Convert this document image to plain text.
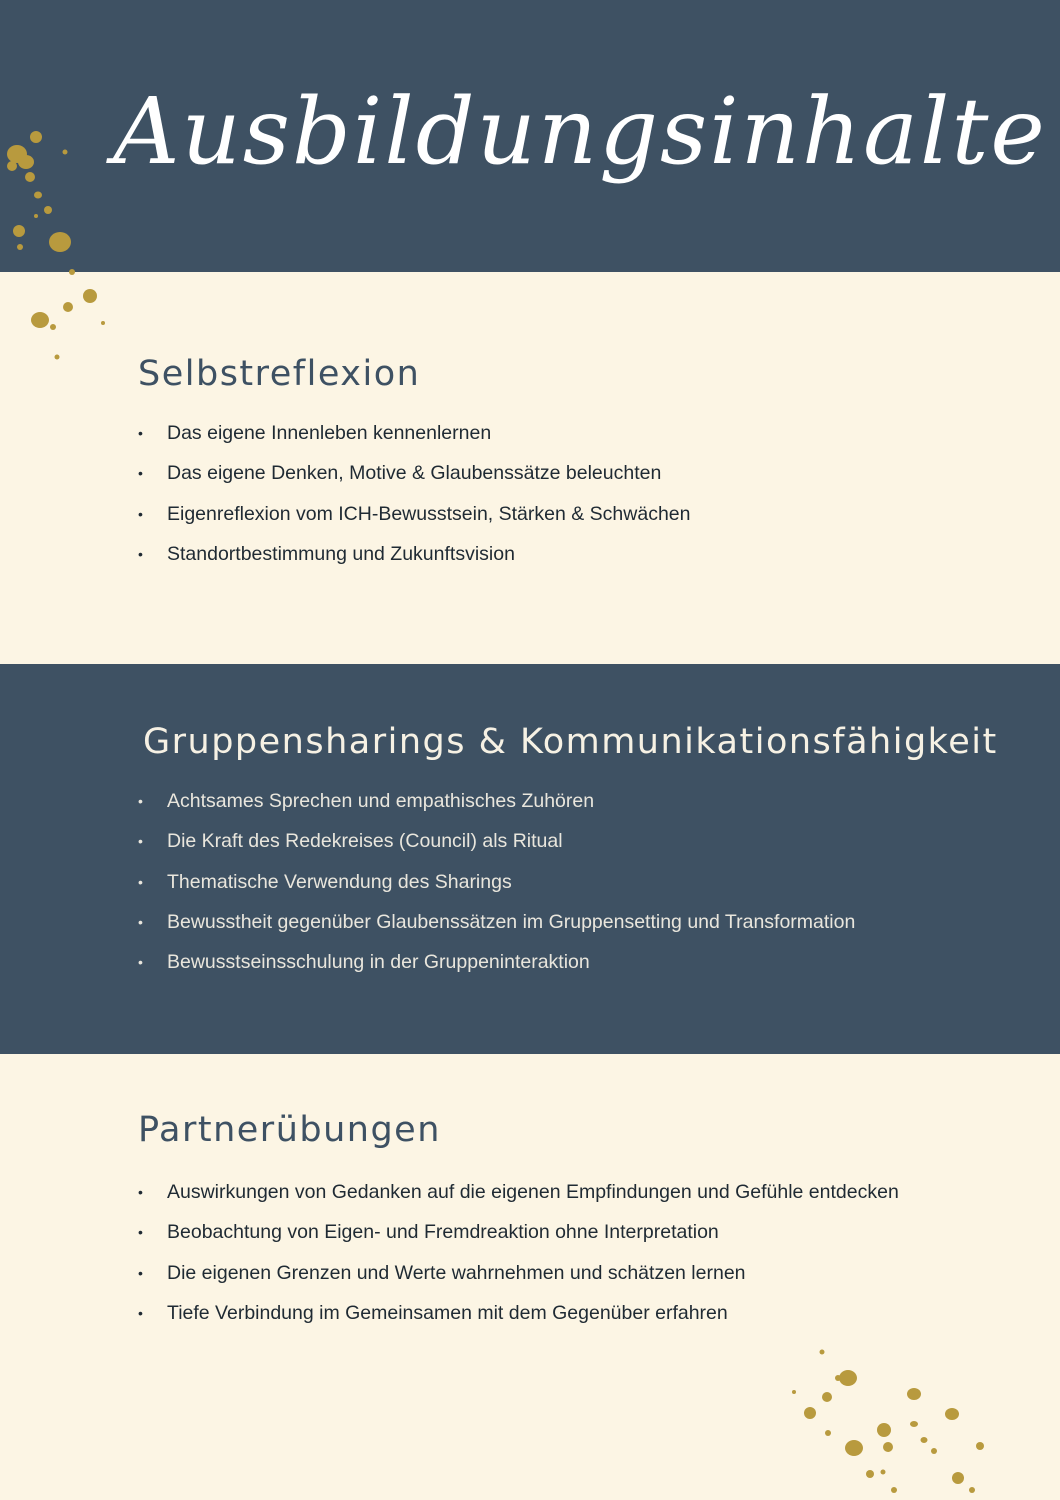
Ausbildungsinhalte
Selbstreflexion
• Das eigene Innenleben kennenlernen
• Das eigene Denken, Motive & Glaubenssätze beleuchten
• Eigenreflexion vom ICH-Bewusstsein, Stärken & Schwächen
• Standortbestimmung und Zukunftsvision
Gruppensharings & Kommunikationsfähigkeit
• Achtsames Sprechen und empathisches Zuhören
• Die Kraft des Redekreises (Council) als Ritual
• Thematische Verwendung des Sharings
• Bewusstheit gegenüber Glaubenssätzen im Gruppensetting und Transformation
• Bewusstseinsschulung in der Gruppeninteraktion
Partnerübungen
• Auswirkungen von Gedanken auf die eigenen Empfindungen und Gefühle entdecken
• Beobachtung von Eigen- und Fremdreaktion ohne Interpretation
• Die eigenen Grenzen und Werte wahrnehmen und schätzen lernen
• Tiefe Verbindung im Gemeinsamen mit dem Gegenüber erfahren
